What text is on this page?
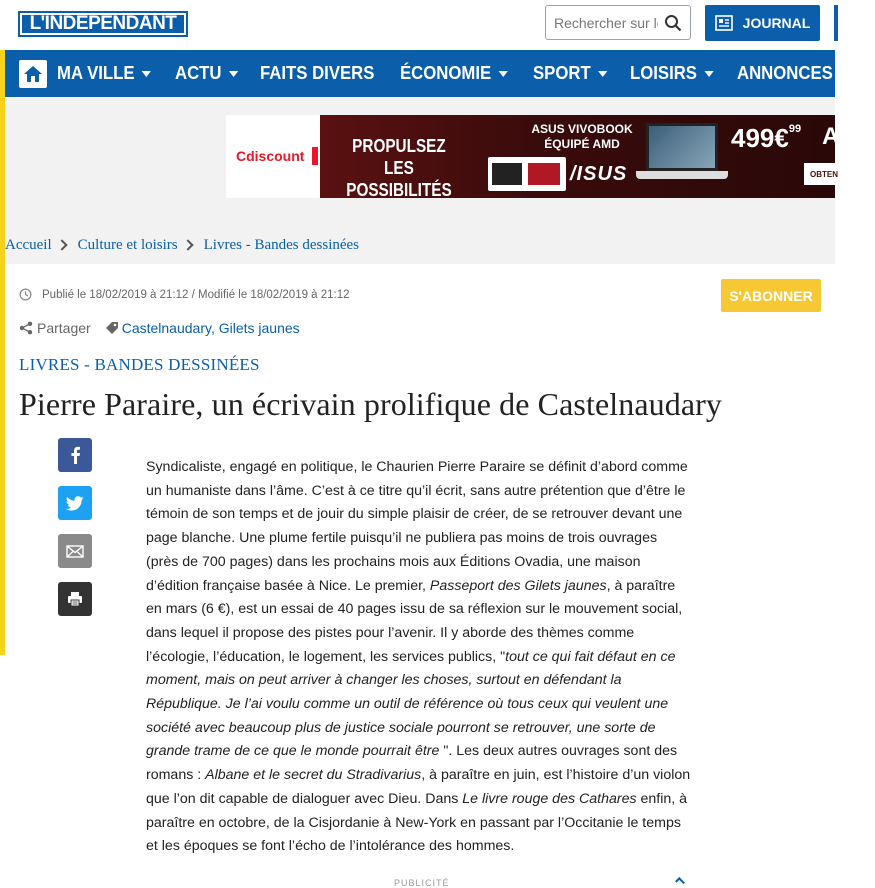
L'INDEPENDANT
Rechercher sur le site	JOURNAL
MA VILLE ACTU FAITS DIVERS ÉCONOMIE SPORT LOISIRS ANNONCES
Cdiscount	PROPULSEZ
LES POSSIBILITÉS
ASUS VIVOBOOK
ÉQUIPÉ AMD
/ISUS
499€$^{99}$ A
OBTEN
Accueil Culture et loisirs Livres - Bandes dessinées
Publié le 18/02/2019 à 21:12 / Modifié le 18/02/2019 à 21:12	S'ABONNER
Partager Castelnaudary, Gilets jaunes
LIVRES - BANDES DESSINÉES
Pierre Paraire, un écrivain prolifique de Castelnaudary
Syndicaliste, engagé en politique, le Chaurien Pierre Paraire se définit d’abord comme un humaniste dans l’âme. C’est à ce titre qu’il écrit, sans autre prétention que d’être le témoin de son temps et de jouir du simple plaisir de créer, de se retrouver devant une page blanche. Une plume fertile puisqu’il ne publiera pas moins de trois ouvrages (près de 700 pages) dans les prochains mois aux Éditions Ovadia, une maison d’édition française basée à Nice. Le premier, Passeport des Gilets jaunes, à paraître en mars (6 €), est un essai de 40 pages issu de sa réflexion sur le mouvement social, dans lequel il propose des pistes pour l’avenir. Il y aborde des thèmes comme l’écologie, l’éducation, le logement, les services publics, "tout ce qui fait défaut en ce moment, mais on peut arriver à changer les choses, surtout en défendant la République. Je l’ai voulu comme un outil de référence où tous ceux qui veulent une société avec beaucoup plus de justice sociale pourront se retrouver, une sorte de grande trame de ce que le monde pourrait être ". Les deux autres ouvrages sont des romans : Albane et le secret du Stradivarius, à paraître en juin, est l’histoire d’un violon que l’on dit capable de dialoguer avec Dieu. Dans Le livre rouge des Cathares enfin, à paraître en octobre, de la Cisjordanie à New-York en passant par l’Occitanie le temps et les époques se font l’écho de l’intolérance des hommes.
PUBLICITÉ
